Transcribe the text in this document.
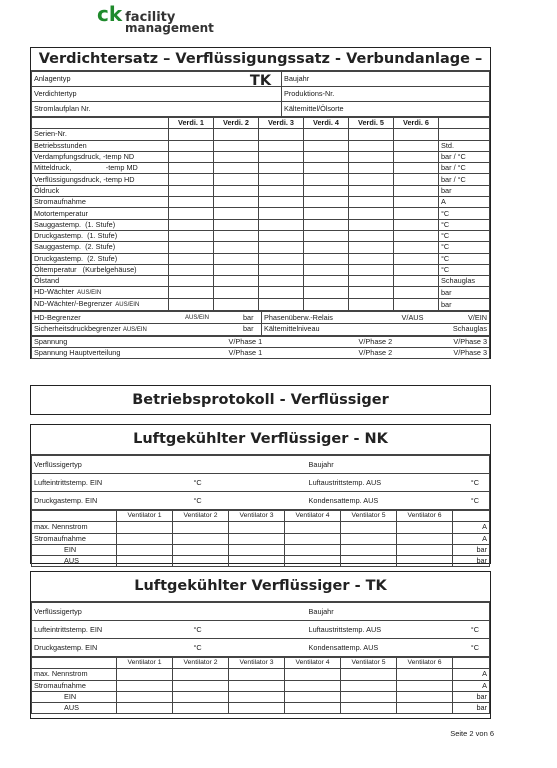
ck facility
management
Verdichtersatz – Verflüssigungssatz - Verbundanlage – TK
Anlagentyp	Baujahr
Verdichtertyp	Produktions-Nr.
Stromlaufplan Nr.	Kältemittel/Ölsorte
	Verdi. 1	Verdi. 2	Verdi. 3	Verdi. 4	Verdi. 5	Verdi. 6	
Serien-Nr.							
Betriebsstunden							Std.
Verdampfungsdruck, -temp ND							bar / °C
Mitteldruck,                 -temp MD							bar / °C
Verflüssigungsdruck, -temp HD							bar / °C
Öldruck							bar
Stromaufnahme							A
Motortemperatur							°C
Sauggastemp.  (1. Stufe)							°C
Druckgastemp.  (1. Stufe)							°C
Sauggastemp.  (2. Stufe)							°C
Druckgastemp.  (2. Stufe)							°C
Öltemperatur   (Kurbelgehäuse)							°C
Ölstand							Schauglas
HD-Wächter AUS/EIN							bar
ND-Wächter/-Begrenzer AUS/EIN							bar
HD-Begrenzer AUS/EIN bar	Phasenüberw.-Relais	V/AUS	V/EIN
Sicherheitsdruckbegrenzer AUS/EIN bar	Kältemittelniveau		Schauglas
Spannung	V/Phase 1	V/Phase 2	V/Phase 3
Spannung Hauptverteilung	V/Phase 1	V/Phase 2	V/Phase 3
Betriebsprotokoll - Verflüssiger
Luftgekühlter Verflüssiger - NK
Verflüssigertyp		Baujahr	
Lufteintrittstemp. EIN	°C	Luftaustrittstemp. AUS	°C
Druckgastemp. EIN	°C	Kondensattemp. AUS	°C
	Ventilator 1	Ventilator 2	Ventilator 3	Ventilator 4	Ventilator 5	Ventilator 6	
max. Nennstrom							A
Stromaufnahme							A
EIN							bar
AUS							bar
Luftgekühlter Verflüssiger - TK
Verflüssigertyp		Baujahr	
Lufteintrittstemp. EIN	°C	Luftaustrittstemp. AUS	°C
Druckgastemp. EIN	°C	Kondensattemp. AUS	°C
	Ventilator 1	Ventilator 2	Ventilator 3	Ventilator 4	Ventilator 5	Ventilator 6	
max. Nennstrom							A
Stromaufnahme							A
EIN							bar
AUS							bar
Seite 2 von 6
